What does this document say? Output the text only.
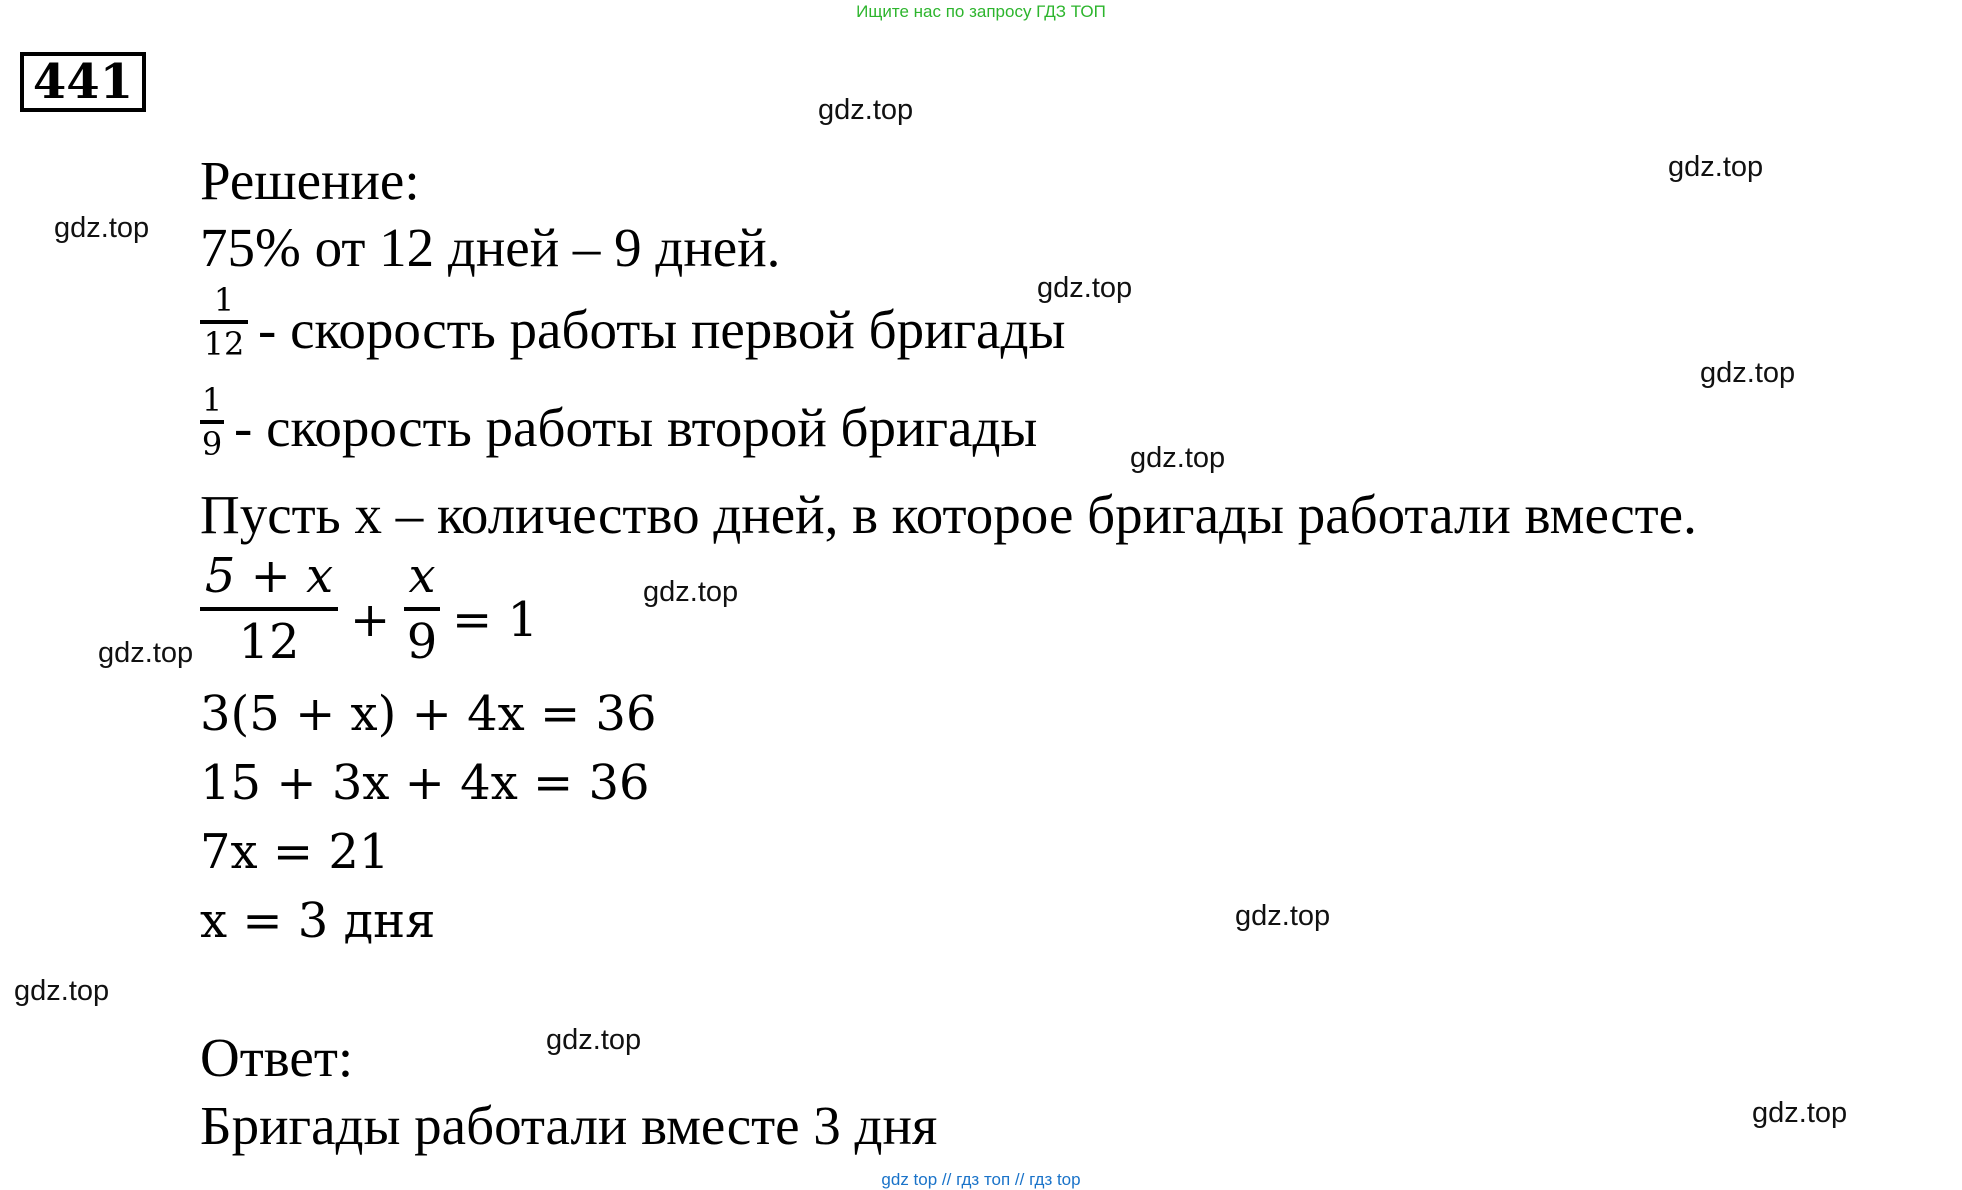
Ищите нас по запросу ГДЗ ТОП
441	gdz.top
gdz.top
gdz.top
gdz.top
gdz.top
gdz.top
gdz.top
gdz.top
gdz.top
gdz.top
gdz.top
gdz.top
Решение:
75% от 12 дней – 9 дней.
1
12 - скорость работы первой бригады
1
9 - скорость работы второй бригады
Пусть х – количество дней, в которое бригады работали вместе.
5 + x
12	+
x
9 = 1
3(5 + x) + 4x = 36
15 + 3x + 4x = 36
7x = 21
x = 3 дня
Ответ:
Бригады работали вместе 3 дня
gdz top // гдз топ // гдз top
